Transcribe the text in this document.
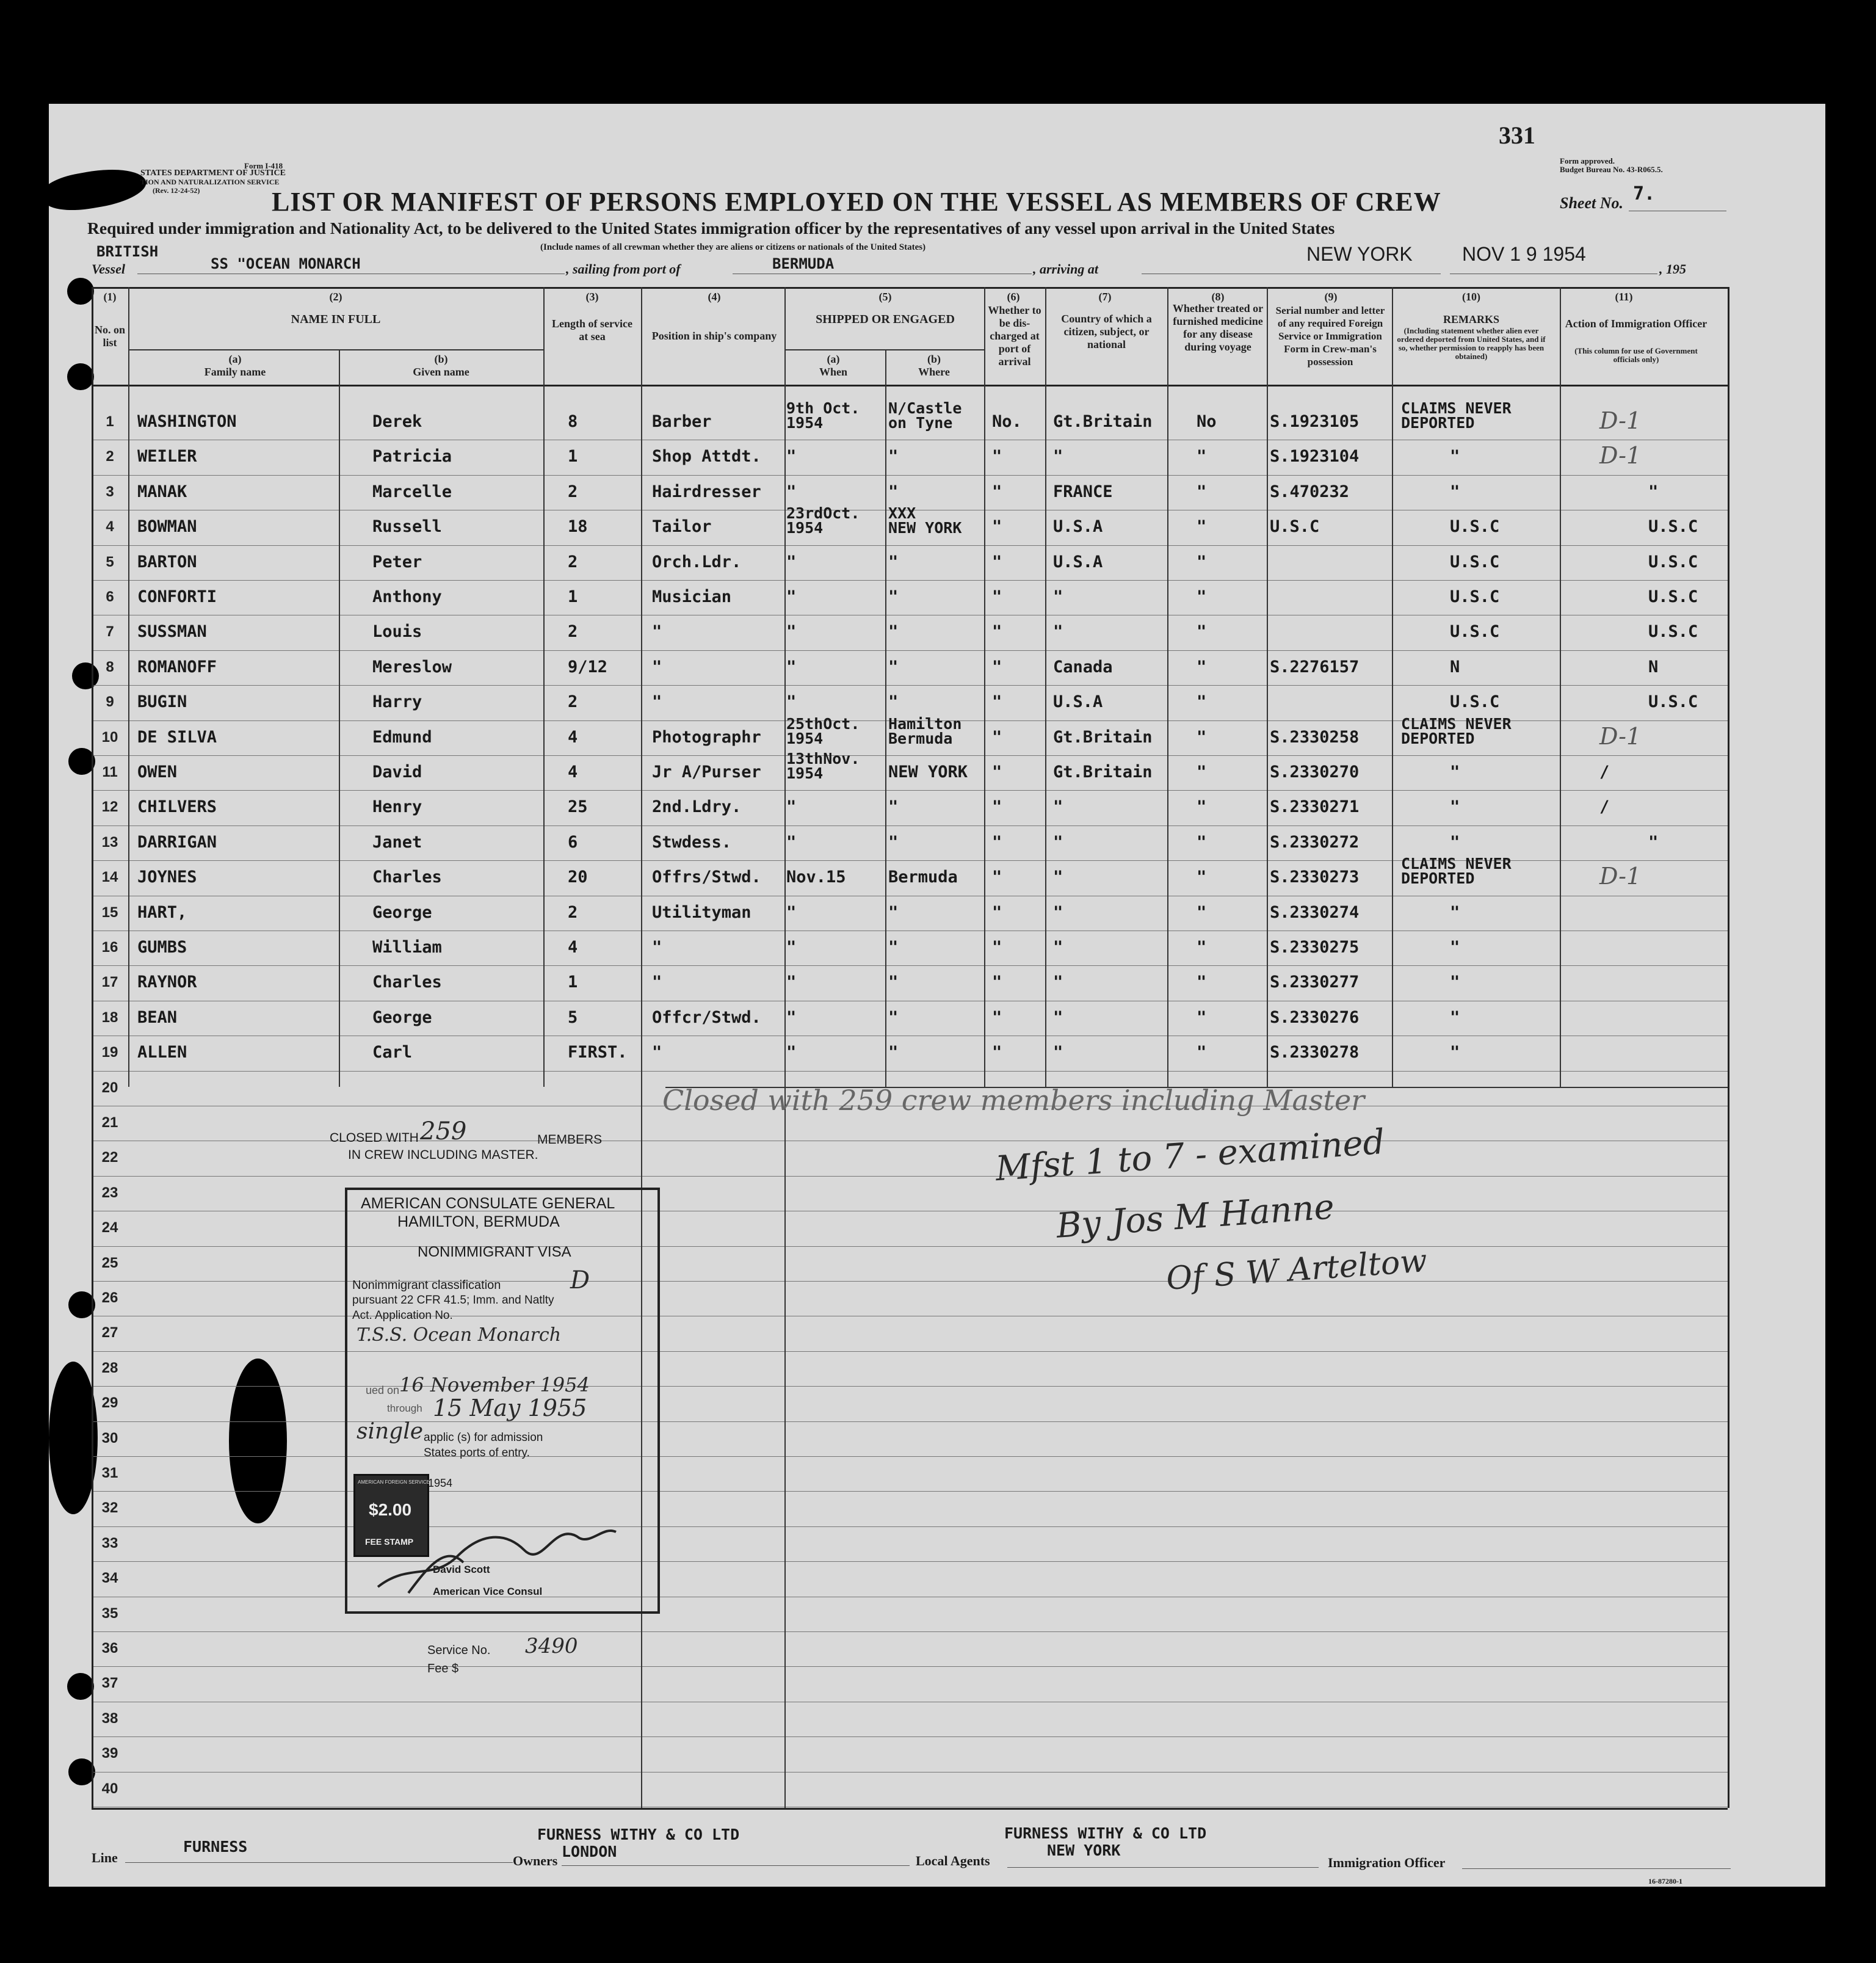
331
Form I-418
STATES DEPARTMENT OF JUSTICE
TION AND NATURALIZATION SERVICE
(Rev. 12-24-52)
Form approved.
Budget Bureau No. 43-R065.5.
LIST OR MANIFEST OF PERSONS EMPLOYED ON THE VESSEL AS MEMBERS OF CREW	Sheet No. 7.
Required under immigration and Nationality Act, to be delivered to the United States immigration officer by the representatives of any vessel upon arrival in the United States
(Include names of all crewman whether they are aliens or citizens or nationals of the United States)
BRITISH
Vessel	SS "OCEAN MONARCH	, sailing from port of	BERMUDA	, arriving at
NEW YORK	NOV 1 9 1954
, 195
(1)
No. on list
(2)
NAME IN FULL
(a)
Family name
(b)
Given name
(3)
Length of service at sea
(4)
Position in ship's company
(5)
SHIPPED OR ENGAGED
(a)
When
(b)
Where
(6)
Whether to be dis-charged at port of arrival
(7)
Country of which a citizen, subject, or national
(8)
Whether treated or furnished medicine for any disease during voyage
(9)
Serial number and letter of any required Foreign Service or Immigration Form in Crew-man's possession
(10)
REMARKS
(Including statement whether alien ever ordered deported from United States, and if so, whether permission to reapply has been obtained)
(11)
Action of Immigration Officer
(This column for use of Government officials only)
1
2
3
4
5
6
7
8
9
10
11
12
13
14
15
16
17
18
19
20
21
22
23
24
25
26
27
28
29
30
31
32
33
34
35
36
37
38
39
40
WASHINGTON	Derek	8	Barber
9th Oct.
1954
N/Castle
on Tyne	No. Gt.Britain	No	S.1923105
CLAIMS NEVER
DEPORTED	D-1
WEILER	Patricia	1	Shop Attdt. "	"	"	"	"	S.1923104	"	D-1
MANAK	Marcelle	2	Hairdresser "	"	"	FRANCE	"	S.470232	"	"
BOWMAN	Russell	18	Tailor
23rdOct.
1954
XXX
NEW YORK "	U.S.A	"	U.S.C	U.S.C	U.S.C
BARTON	Peter	2	Orch.Ldr.	"	"	"	U.S.A	"	U.S.C	U.S.C
CONFORTI	Anthony	1	Musician	"	"	"	"	"	U.S.C	U.S.C
SUSSMAN	Louis	2	"	"	"	"	"	"	U.S.C	U.S.C
ROMANOFF	Mereslow	9/12	"	"	"	"	Canada	"	S.2276157	N	N
BUGIN	Harry	2	"	"	"	"	U.S.A	"	U.S.C	U.S.C
DE SILVA	Edmund	4	Photographr
25thOct.
1954
Hamilton
Bermuda	"	Gt.Britain	"	S.2330258
CLAIMS NEVER
DEPORTED	D-1
OWEN	David	4	Jr A/Purser
13thNov.
1954	NEW YORK "	Gt.Britain	"	S.2330270	"	/
CHILVERS	Henry	25	2nd.Ldry.	"	"	"	"	"	S.2330271	"	/
DARRIGAN	Janet	6	Stwdess.	"	"	"	"	"	S.2330272	"	"
JOYNES	Charles	20	Offrs/Stwd. Nov.15	Bermuda "	"	"	S.2330273
CLAIMS NEVER
DEPORTED	D-1
HART,	George	2	Utilityman "	"	"	"	"	S.2330274	"
GUMBS	William	4	"	"	"	"	"	"	S.2330275	"
RAYNOR	Charles	1	"	"	"	"	"	"	S.2330277	"
BEAN	George	5	Offcr/Stwd. "	"	"	"	"	S.2330276	"
ALLEN	Carl	FIRST. "	"	"	"	"	"	S.2330278	"
CLOSED WITH 259	MEMBERS
IN CREW INCLUDING MASTER.
Closed with 259 crew members including Master
Mfst 1 to 7 - examined
By Jos M Hanne
Of S W Arteltow
AMERICAN CONSULATE GENERAL
HAMILTON, BERMUDA
NONIMMIGRANT VISA
Nonimmigrant classification	D
pursuant 22 CFR 41.5; Imm. and Natlty
Act. Application No.
T.S.S. Ocean Monarch
ued on 16 November 1954
through 15 May 1955
single applic (s) for admission
States ports of entry.
AMERICAN FOREIGN SERVICE
$2.00
FEE STAMP
1954
David Scott
American Vice Consul
Service No. 3490
Fee $
Line
FURNESS
Owners
FURNESS WITHY & CO LTD
LONDON
Local Agents
FURNESS WITHY & CO LTD
NEW YORK
Immigration Officer
16-87280-1
